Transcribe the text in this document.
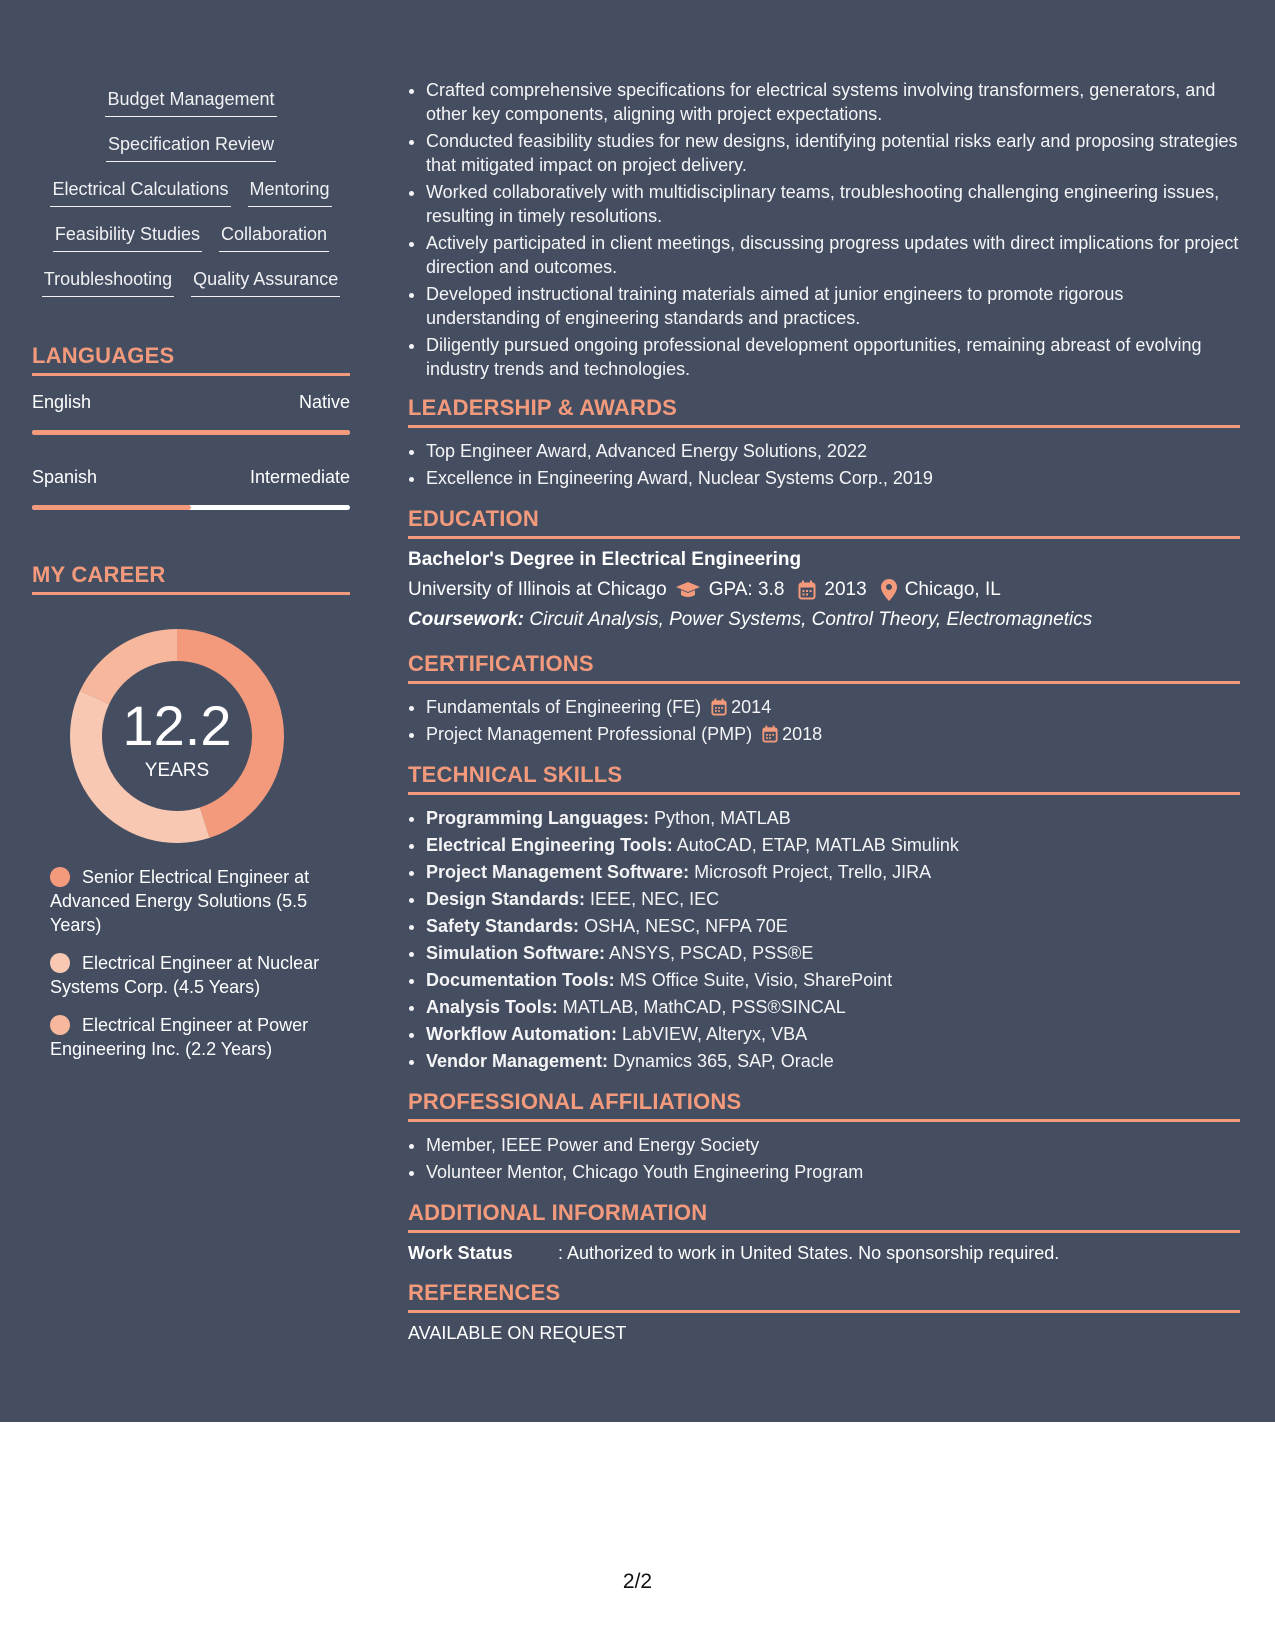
Budget Management
Specification Review
Electrical Calculations Mentoring
Feasibility Studies Collaboration
Troubleshooting Quality Assurance
LANGUAGES
English	Native
Spanish	Intermediate
MY CAREER
12.2
YEARS
Senior Electrical Engineer at Advanced Energy Solutions (5.5 Years)
Electrical Engineer at Nuclear Systems Corp. (4.5 Years)
Electrical Engineer at Power Engineering Inc. (2.2 Years)
• Crafted comprehensive specifications for electrical systems involving transformers, generators, and other key components, aligning with project expectations.
• Conducted feasibility studies for new designs, identifying potential risks early and proposing strategies that mitigated impact on project delivery.
• Worked collaboratively with multidisciplinary teams, troubleshooting challenging engineering issues, resulting in timely resolutions.
• Actively participated in client meetings, discussing progress updates with direct implications for project direction and outcomes.
• Developed instructional training materials aimed at junior engineers to promote rigorous understanding of engineering standards and practices.
• Diligently pursued ongoing professional development opportunities, remaining abreast of evolving industry trends and technologies.
LEADERSHIP & AWARDS
• Top Engineer Award, Advanced Energy Solutions, 2022
• Excellence in Engineering Award, Nuclear Systems Corp., 2019
EDUCATION
Bachelor's Degree in Electrical Engineering
University of Illinois at Chicago GPA: 3.8 2013 Chicago, IL
Coursework: Circuit Analysis, Power Systems, Control Theory, Electromagnetics
CERTIFICATIONS
• Fundamentals of Engineering (FE) 2014
• Project Management Professional (PMP) 2018
TECHNICAL SKILLS
• Programming Languages: Python, MATLAB
• Electrical Engineering Tools: AutoCAD, ETAP, MATLAB Simulink
• Project Management Software: Microsoft Project, Trello, JIRA
• Design Standards: IEEE, NEC, IEC
• Safety Standards: OSHA, NESC, NFPA 70E
• Simulation Software: ANSYS, PSCAD, PSS®E
• Documentation Tools: MS Office Suite, Visio, SharePoint
• Analysis Tools: MATLAB, MathCAD, PSS®SINCAL
• Workflow Automation: LabVIEW, Alteryx, VBA
• Vendor Management: Dynamics 365, SAP, Oracle
PROFESSIONAL AFFILIATIONS
• Member, IEEE Power and Energy Society
• Volunteer Mentor, Chicago Youth Engineering Program
ADDITIONAL INFORMATION
Work Status	: Authorized to work in United States. No sponsorship required.
REFERENCES
AVAILABLE ON REQUEST
2/2
